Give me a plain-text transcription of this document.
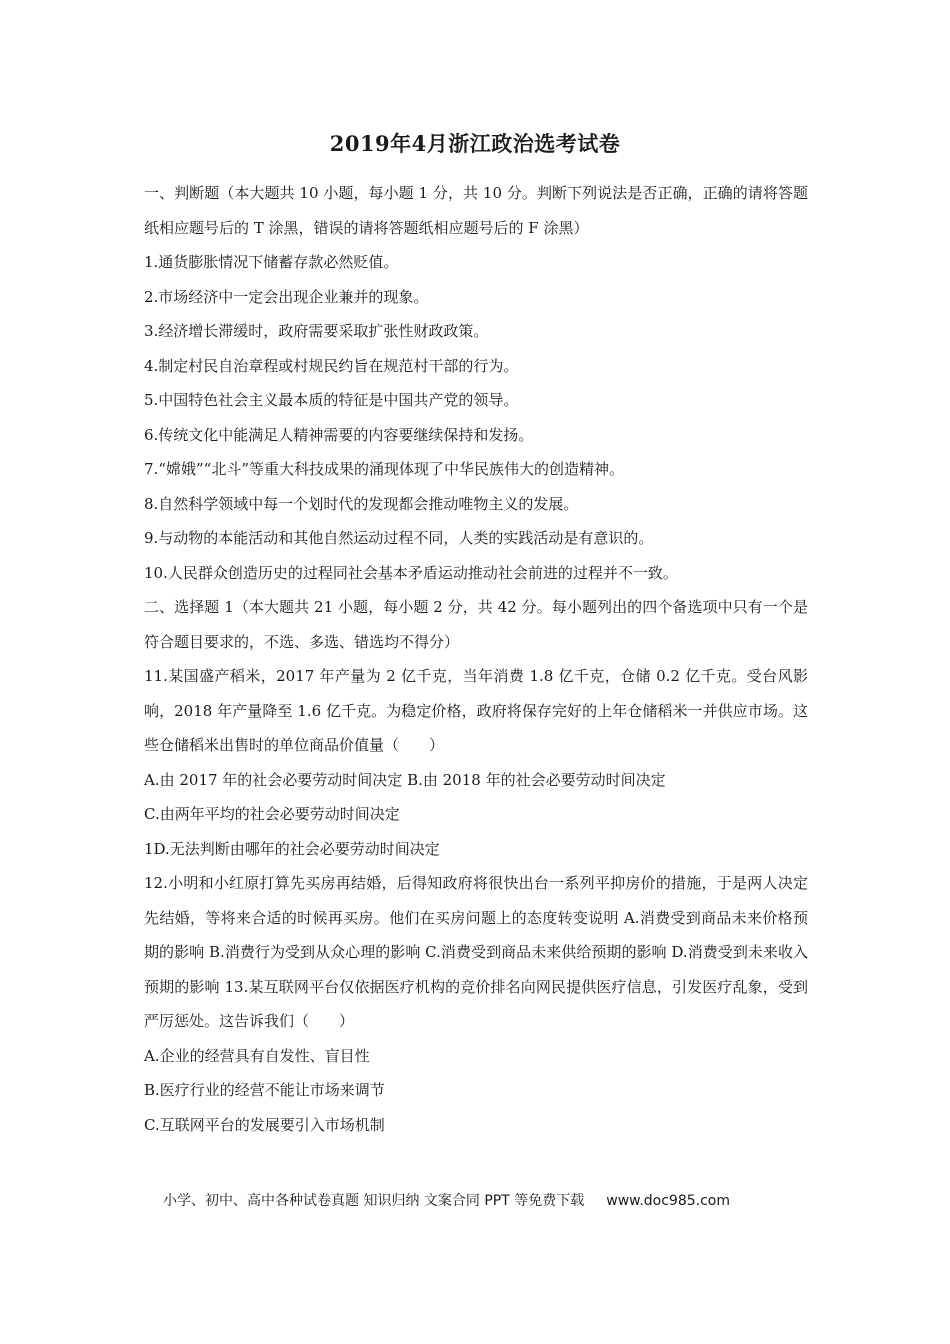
2019年4月浙江政治选考试卷

一、判断题（本大题共 10 小题，每小题 1 分，共 10 分。判断下列说法是否正确，正确的请将答题纸相应题号后的 T 涂黑，错误的请将答题纸相应题号后的 F 涂黑）

1.通货膨胀情况下储蓄存款必然贬值。

2.市场经济中一定会出现企业兼并的现象。

3.经济增长滞缓时，政府需要采取扩张性财政政策。

4.制定村民自治章程或村规民约旨在规范村干部的行为。

5.中国特色社会主义最本质的特征是中国共产党的领导。

6.传统文化中能满足人精神需要的内容要继续保持和发扬。

7.“嫦娥”“北斗”等重大科技成果的涌现体现了中华民族伟大的创造精神。

8.自然科学领域中每一个划时代的发现都会推动唯物主义的发展。

9.与动物的本能活动和其他自然运动过程不同，人类的实践活动是有意识的。

10.人民群众创造历史的过程同社会基本矛盾运动推动社会前进的过程并不一致。

二、选择题 1（本大题共 21 小题，每小题 2 分，共 42 分。每小题列出的四个备选项中只有一个是符合题目要求的，不选、多选、错选均不得分）

11.某国盛产稻米，2017 年产量为 2 亿千克，当年消费 1.8 亿千克，仓储 0.2 亿千克。受台风影响，2018 年产量降至 1.6 亿千克。为稳定价格，政府将保存完好的上年仓储稻米一并供应市场。这些仓储稻米出售时的单位商品价值量（　　）

A.由 2017 年的社会必要劳动时间决定 B.由 2018 年的社会必要劳动时间决定

C.由两年平均的社会必要劳动时间决定

1D.无法判断由哪年的社会必要劳动时间决定

12.小明和小红原打算先买房再结婚，后得知政府将很快出台一系列平抑房价的措施，于是两人决定先结婚，等将来合适的时候再买房。他们在买房问题上的态度转变说明 A.消费受到商品未来价格预期的影响 B.消费行为受到从众心理的影响 C.消费受到商品未来供给预期的影响 D.消费受到未来收入预期的影响 13.某互联网平台仅依据医疗机构的竞价排名向网民提供医疗信息，引发医疗乱象，受到严厉惩处。这告诉我们（　　）

A.企业的经营具有自发性、盲目性

B.医疗行业的经营不能让市场来调节

C.互联网平台的发展要引入市场机制

小学、初中、高中各种试卷真题 知识归纳 文案合同 PPT 等免费下载 www.doc985.com
